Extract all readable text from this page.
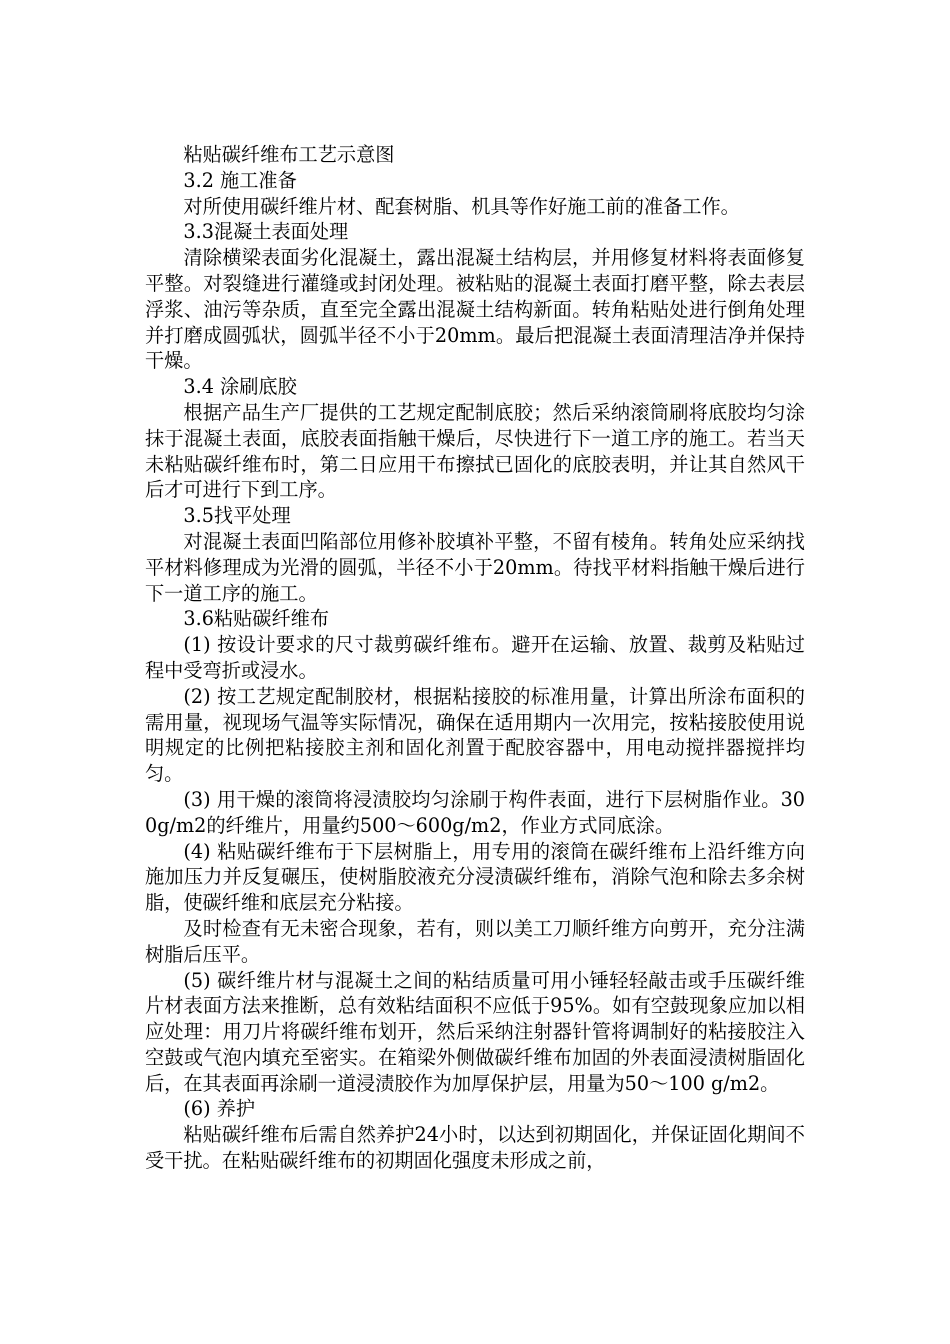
粘贴碳纤维布工艺示意图

3.2 施工准备

对所使用碳纤维片材、配套树脂、机具等作好施工前的准备工作。

3.3混凝土表面处理

清除横梁表面劣化混凝土，露出混凝土结构层，并用修复材料将表面修复平整。对裂缝进行灌缝或封闭处理。被粘贴的混凝土表面打磨平整，除去表层浮浆、油污等杂质，直至完全露出混凝土结构新面。转角粘贴处进行倒角处理并打磨成圆弧状，圆弧半径不小于20mm。最后把混凝土表面清理洁净并保持干燥。

3.4 涂刷底胶

根据产品生产厂提供的工艺规定配制底胶；然后采纳滚筒刷将底胶均匀涂抹于混凝土表面，底胶表面指触干燥后，尽快进行下一道工序的施工。若当天未粘贴碳纤维布时，第二日应用干布擦拭已固化的底胶表明，并让其自然风干后才可进行下到工序。

3.5找平处理

对混凝土表面凹陷部位用修补胶填补平整，不留有棱角。转角处应采纳找平材料修理成为光滑的圆弧，半径不小于20mm。待找平材料指触干燥后进行下一道工序的施工。

3.6粘贴碳纤维布

(1) 按设计要求的尺寸裁剪碳纤维布。避开在运输、放置、裁剪及粘贴过程中受弯折或浸水。

(2) 按工艺规定配制胶材，根据粘接胶的标准用量，计算出所涂布面积的需用量，视现场气温等实际情况，确保在适用期内一次用完，按粘接胶使用说明规定的比例把粘接胶主剂和固化剂置于配胶容器中，用电动搅拌器搅拌均匀。

(3) 用干燥的滚筒将浸渍胶均匀涂刷于构件表面，进行下层树脂作业。300g/m2的纤维片，用量约500～600g/m2，作业方式同底涂。

(4) 粘贴碳纤维布于下层树脂上，用专用的滚筒在碳纤维布上沿纤维方向施加压力并反复碾压，使树脂胶液充分浸渍碳纤维布，消除气泡和除去多余树脂，使碳纤维和底层充分粘接。

及时检查有无未密合现象，若有，则以美工刀顺纤维方向剪开，充分注满树脂后压平。

(5) 碳纤维片材与混凝土之间的粘结质量可用小锤轻轻敲击或手压碳纤维片材表面方法来推断，总有效粘结面积不应低于95%。如有空鼓现象应加以相应处理：用刀片将碳纤维布划开，然后采纳注射器针管将调制好的粘接胶注入空鼓或气泡内填充至密实。在箱梁外侧做碳纤维布加固的外表面浸渍树脂固化后，在其表面再涂刷一道浸渍胶作为加厚保护层，用量为50～100 g/m2。

(6) 养护

粘贴碳纤维布后需自然养护24小时，以达到初期固化，并保证固化期间不受干扰。在粘贴碳纤维布的初期固化强度未形成之前，
